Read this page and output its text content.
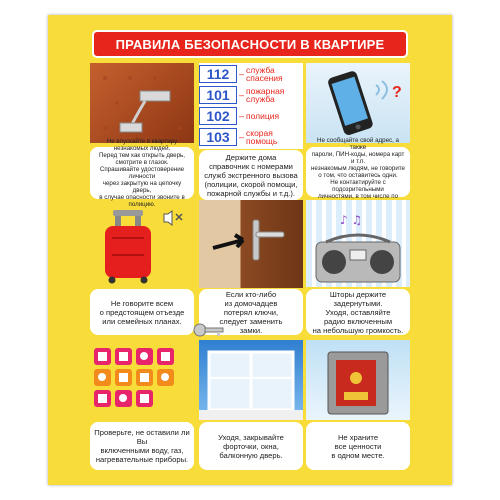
ПРАВИЛА БЕЗОПАСНОСТИ В КВАРТИРЕ
112	– служба
спасения
101	– пожарная
служба
102	– полиция
103	– скорая
помощь
?
Не впускайте в квартиру
незнакомых людей.
Перед тем как открыть дверь,
смотрите в глазок.
Спрашивайте удостоверение личности
через закрытую на цепочку дверь,
в случае опасности звоните в полицию.
Держите дома
справочник с номерами
служб экстренного вызова
(полиции, скорой помощи,
пожарной службы и т.д.).
Не сообщайте свой адрес, а также
пароли, ПИН-коды, номера карт и т.п.
незнакомым людям, не говорите
о том, что оставитесь одни.
Не контактируйте с подозрительными
личностями, в том числе по
♪ ♫
Не говорите всем
о предстоящем отъезде
или семейных планах.
Если кто-либо
из домочадцев
потерял ключи,
следует заменить
замки.
Шторы держите задернутыми.
Уходя, оставляйте
радио включенным
на небольшую громкость.
Проверьте, не оставили ли Вы
включенными воду, газ,
нагревательные приборы.
Уходя, закрывайте
форточки, окна,
балконную дверь.
Не храните
все ценности
в одном месте.
